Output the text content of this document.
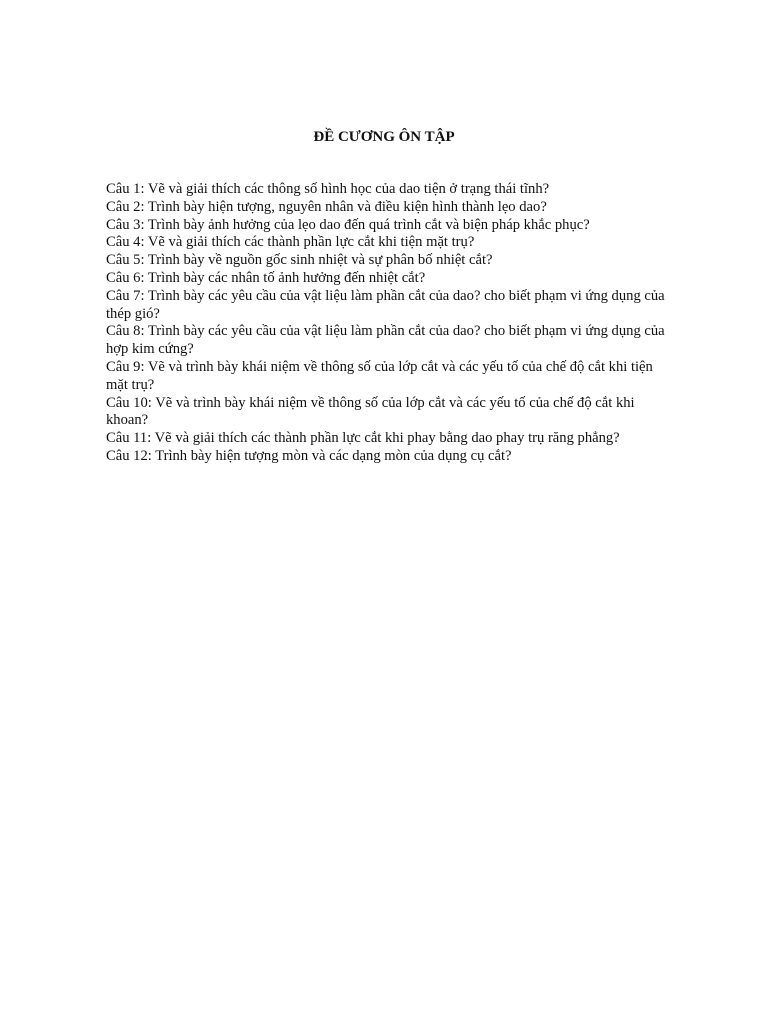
ĐỀ CƯƠNG ÔN TẬP
Câu 1: Vẽ và giải thích các thông số hình học của dao tiện ở trạng thái tĩnh?
Câu 2: Trình bày hiện tượng, nguyên nhân và điều kiện hình thành lẹo dao?
Câu 3: Trình bày ảnh hưởng của lẹo dao đến quá trình cắt và biện pháp khắc phục?
Câu 4: Vẽ và giải thích các thành phần lực cắt khi tiện mặt trụ?
Câu 5: Trình bày về nguồn gốc sinh nhiệt và sự phân bố nhiệt cắt?
Câu 6: Trình bày các nhân tố ảnh hưởng đến nhiệt cắt?
Câu 7: Trình bày các yêu cầu của vật liệu làm phần cắt của dao? cho biết phạm vi ứng dụng của thép gió?
Câu 8: Trình bày các yêu cầu của vật liệu làm phần cắt của dao? cho biết phạm vi ứng dụng của hợp kim cứng?
Câu 9: Vẽ và trình bày khái niệm về thông số của lớp cắt và các yếu tố của chế độ cắt khi tiện mặt trụ?
Câu 10: Vẽ và trình bày khái niệm về thông số của lớp cắt và các yếu tố của chế độ cắt khi khoan?
Câu 11: Vẽ và giải thích các thành phần lực cắt khi phay bằng dao phay trụ răng phẳng?
Câu 12: Trình bày hiện tượng mòn và các dạng mòn của dụng cụ cắt?
